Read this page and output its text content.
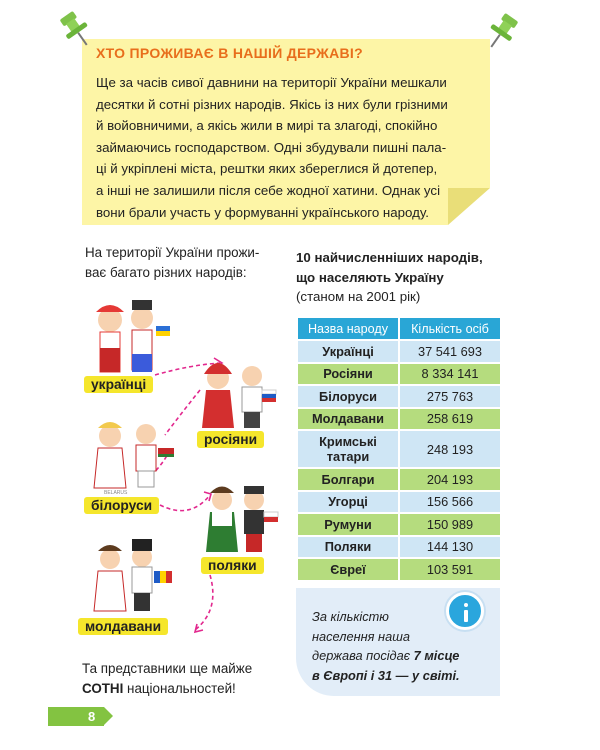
ХТО ПРОЖИВАЄ В НАШІЙ ДЕРЖАВІ?
Ще за часів сивої давнини на території України мешкали
десятки й сотні різних народів. Якісь із них були грізними
й войовничими, а якісь жили в мирі та злагоді, спокійно
займаючись господарством. Одні збудували пишні пала-
ці й укріплені міста, рештки яких збереглися й дотепер,
а інші не залишили після себе жодної хатини. Однак усі
вони брали участь у формуванні українського народу.
На території України прожи-
ває багато різних народів:
10 найчисленніших народів,
що населяють Україну
(станом на 2001 рік)
Назва народу	Кількість осіб
Українці	37 541 693
Росіяни	8 334 141
Білоруси	275 763
Молдавани	258 619
Кримські татари	248 193
Болгари	204 193
Угорці	156 566
Румуни	150 989
Поляки	144 130
Євреї	103 591
За кількістю
населення наша
держава посідає 7 місце
в Європі і 31 — у світі.
BELARUS
українці
росіяни
білоруси
поляки
молдавани
Та представники ще майже
СОТНІ національностей!
8
